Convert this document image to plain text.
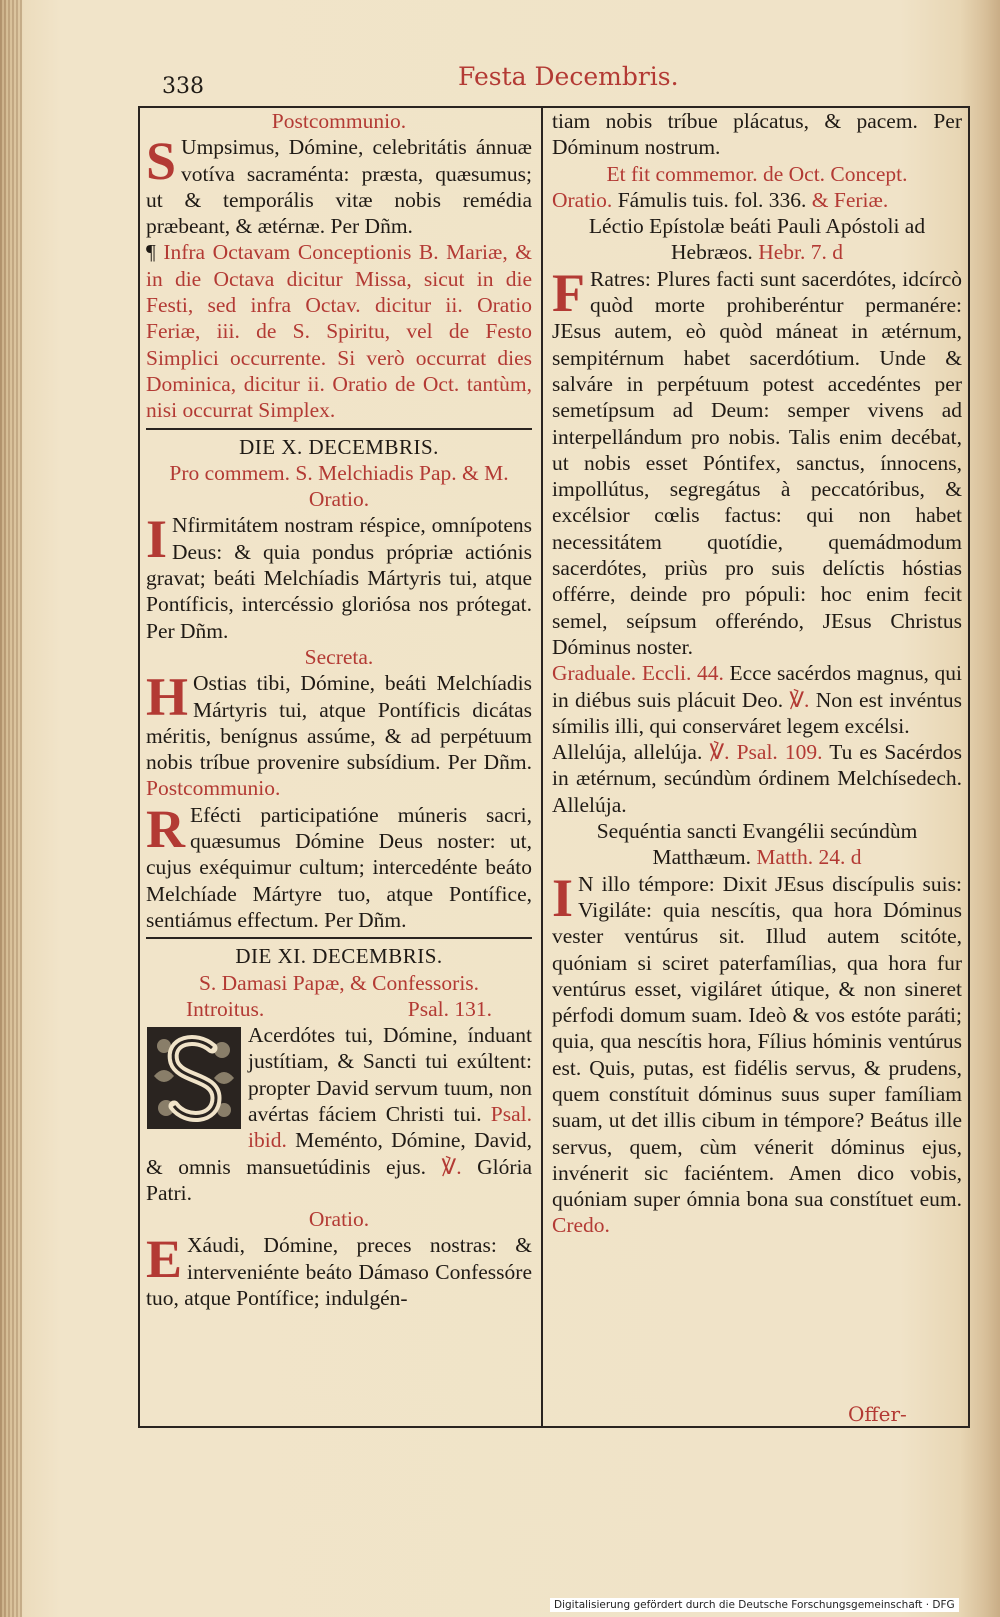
338	Festa Decembris.

Postcommunio.

S Umpsimus, Dómine, celebritátis ánnuæ votíva sacraménta: præsta, quæsumus; ut & temporális vitæ nobis remédia præbeant, & ætérnæ. Per Dñm.

¶ Infra Octavam Conceptionis B. Mariæ, & in die Octava dicitur Missa, sicut in die Festi, sed infra Octav. dicitur ii. Oratio Feriæ, iii. de S. Spiritu, vel de Festo Simplici occurrente. Si verò occurrat dies Dominica, dicitur ii. Oratio de Oct. tantùm, nisi occurrat Simplex.

DIE X. DECEMBRIS.

Pro commem. S. Melchiadis Pap. & M.

Oratio.

I Nfirmitátem nostram réspice, omnípotens Deus: & quia pondus própriæ actiónis gravat; beáti Melchíadis Mártyris tui, atque Pontíficis, intercéssio gloriósa nos prótegat. Per Dñm.

Secreta.

H Ostias tibi, Dómine, beáti Melchíadis Mártyris tui, atque Pontíficis dicátas méritis, benígnus assúme, & ad perpétuum nobis tríbue provenire subsídium. Per Dñm. Postcommunio.

R Efécti participatióne múneris sacri, quæsumus Dómine Deus noster: ut, cujus exéquimur cultum; intercedénte beáto Melchíade Mártyre tuo, atque Pontífice, sentiámus effectum. Per Dñm.

DIE XI. DECEMBRIS.

S. Damasi Papæ, & Confessoris.

Introitus.	Psal. 131.

Acerdótes tui, Dómine, índuant justítiam, & Sancti tui exúltent: propter David servum tuum, non avértas fáciem Christi tui. Psal. ibid. Meménto, Dómine, David, & omnis mansuetúdinis ejus. ℣. Glória Patri.

Oratio.

E Xáudi, Dómine, preces nostras: & interveniénte beáto Dámaso Confessóre tuo, atque Pontífice; indulgén-

tiam nobis tríbue plácatus, & pacem. Per Dóminum nostrum.

Et fit commemor. de Oct. Concept.

Oratio. Fámulis tuis. fol. 336. & Feriæ.

Léctio Epístolæ beáti Pauli Apóstoli ad Hebræos. Hebr. 7. d

F Ratres: Plures facti sunt sacerdótes, idcírcò quòd morte prohiberéntur permanére: JEsus autem, eò quòd máneat in ætérnum, sempitérnum habet sacerdótium. Unde & salváre in perpétuum potest accedéntes per semetípsum ad Deum: semper vivens ad interpellándum pro nobis. Talis enim decébat, ut nobis esset Póntifex, sanctus, ínnocens, impollútus, segregátus à peccatóribus, & excélsior cœlis factus: qui non habet necessitátem quotídie, quemádmodum sacerdótes, priùs pro suis delíctis hóstias offérre, deinde pro pópuli: hoc enim fecit semel, seípsum offeréndo, JEsus Christus Dóminus noster.

Graduale. Eccli. 44. Ecce sacérdos magnus, qui in diébus suis plácuit Deo. ℣. Non est invéntus símilis illi, qui conserváret legem excélsi.

Allelúja, allelúja. ℣. Psal. 109. Tu es Sacérdos in ætérnum, secúndùm órdinem Melchísedech. Allelúja.

Sequéntia sancti Evangélii secúndùm Matthæum. Matth. 24. d

I N illo témpore: Dixit JEsus discípulis suis: Vigiláte: quia nescítis, qua hora Dóminus vester ventúrus sit. Illud autem scitóte, quóniam si sciret paterfamílias, qua hora fur ventúrus esset, vigiláret útique, & non sineret pérfodi domum suam. Ideò & vos estóte paráti; quia, qua nescítis hora, Fílius hóminis ventúrus est. Quis, putas, est fidélis servus, & prudens, quem constítuit dóminus suus super famíliam suam, ut det illis cibum in témpore? Beátus ille servus, quem, cùm vénerit dóminus ejus, invénerit sic faciéntem. Amen dico vobis, quóniam super ómnia bona sua constítuet eum. Credo.

Offer-
Digitalisierung gefördert durch die Deutsche Forschungsgemeinschaft · DFG
